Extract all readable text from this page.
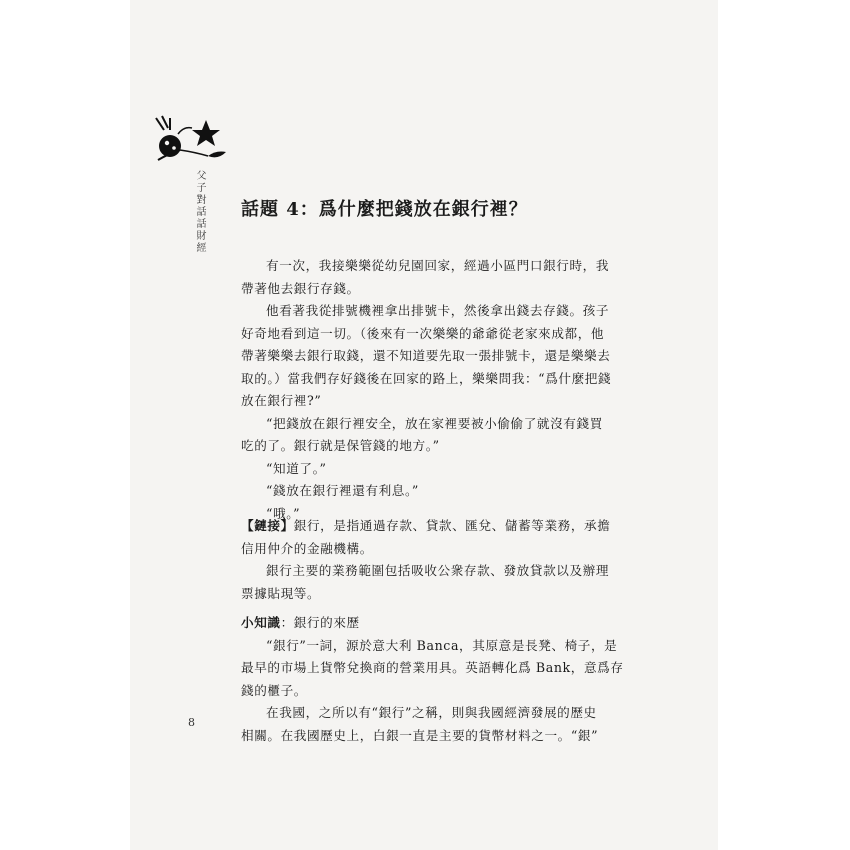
父子對話話財經
8
話題 4：爲什麼把錢放在銀行裡？
有一次，我接樂樂從幼兒園回家，經過小區門口銀行時，我
帶著他去銀行存錢。
他看著我從排號機裡拿出排號卡，然後拿出錢去存錢。孩子
好奇地看到這一切。（後來有一次樂樂的爺爺從老家來成都，他
帶著樂樂去銀行取錢，還不知道要先取一張排號卡，還是樂樂去
取的。）當我們存好錢後在回家的路上，樂樂問我：“爲什麼把錢
放在銀行裡?”
“把錢放在銀行裡安全，放在家裡要被小偷偷了就沒有錢買
吃的了。銀行就是保管錢的地方。”
“知道了。”
“錢放在銀行裡還有利息。”
“哦。”
【鏈接】銀行，是指通過存款、貸款、匯兌、儲蓄等業務，承擔
信用仲介的金融機構。
銀行主要的業務範圍包括吸收公衆存款、發放貸款以及辦理
票據貼現等。
小知識：銀行的來歷
“銀行”一詞，源於意大利 Banca，其原意是長凳、椅子，是
最早的市場上貨幣兌換商的營業用具。英語轉化爲 Bank，意爲存
錢的櫃子。
在我國，之所以有“銀行”之稱，則與我國經濟發展的歷史
相關。在我國歷史上，白銀一直是主要的貨幣材料之一。“銀”
